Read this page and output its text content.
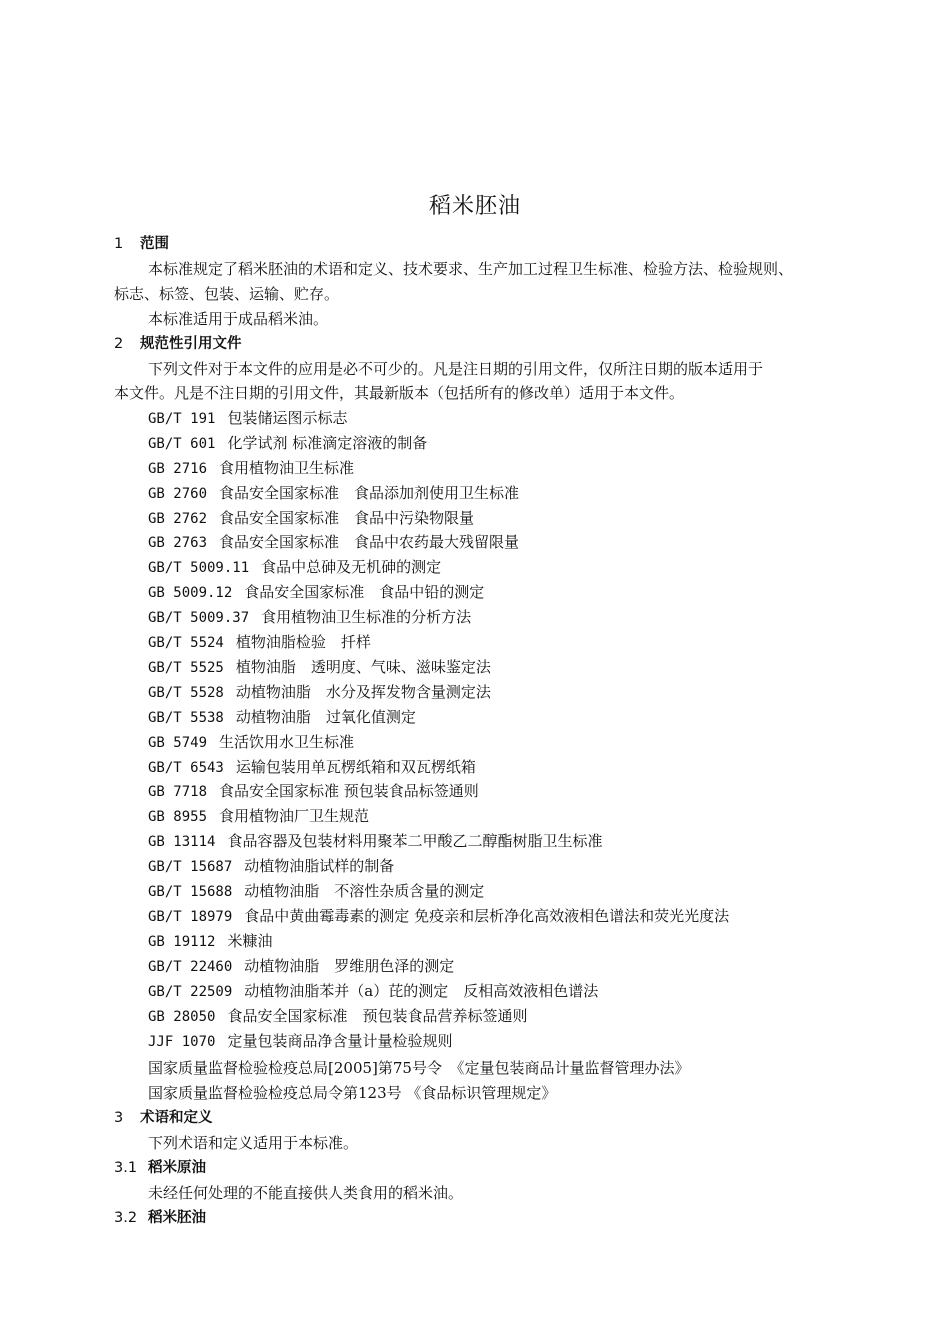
稻米胚油
1 范围
本标准规定了稻米胚油的术语和定义、技术要求、生产加工过程卫生标准、检验方法、检验规则、
标志、标签、包装、运输、贮存。
本标准适用于成品稻米油。
2 规范性引用文件
下列文件对于本文件的应用是必不可少的。凡是注日期的引用文件，仅所注日期的版本适用于
本文件。凡是不注日期的引用文件，其最新版本（包括所有的修改单）适用于本文件。
GB/T 191 包装储运图示标志
GB/T 601 化学试剂 标准滴定溶液的制备
GB 2716 食用植物油卫生标准
GB 2760 食品安全国家标准　食品添加剂使用卫生标准
GB 2762 食品安全国家标准　食品中污染物限量
GB 2763 食品安全国家标准　食品中农药最大残留限量
GB/T 5009.11 食品中总砷及无机砷的测定
GB 5009.12 食品安全国家标准　食品中铅的测定
GB/T 5009.37 食用植物油卫生标准的分析方法
GB/T 5524 植物油脂检验　扦样
GB/T 5525 植物油脂　透明度、气味、滋味鉴定法
GB/T 5528 动植物油脂　水分及挥发物含量测定法
GB/T 5538 动植物油脂　过氧化值测定
GB 5749 生活饮用水卫生标准
GB/T 6543 运输包装用单瓦楞纸箱和双瓦楞纸箱
GB 7718 食品安全国家标准 预包装食品标签通则
GB 8955 食用植物油厂卫生规范
GB 13114 食品容器及包装材料用聚苯二甲酸乙二醇酯树脂卫生标准
GB/T 15687 动植物油脂试样的制备
GB/T 15688 动植物油脂　不溶性杂质含量的测定
GB/T 18979 食品中黄曲霉毒素的测定 免疫亲和层析净化高效液相色谱法和荧光光度法
GB 19112 米糠油
GB/T 22460 动植物油脂　罗维朋色泽的测定
GB/T 22509 动植物油脂苯并（a）芘的测定　反相高效液相色谱法
GB 28050 食品安全国家标准　预包装食品营养标签通则
JJF 1070 定量包装商品净含量计量检验规则
国家质量监督检验检疫总局[2005]第75号令　《定量包装商品计量监督管理办法》
国家质量监督检验检疫总局令第123号 《食品标识管理规定》
3 术语和定义
下列术语和定义适用于本标准。
3.1 稻米原油
未经任何处理的不能直接供人类食用的稻米油。
3.2 稻米胚油
